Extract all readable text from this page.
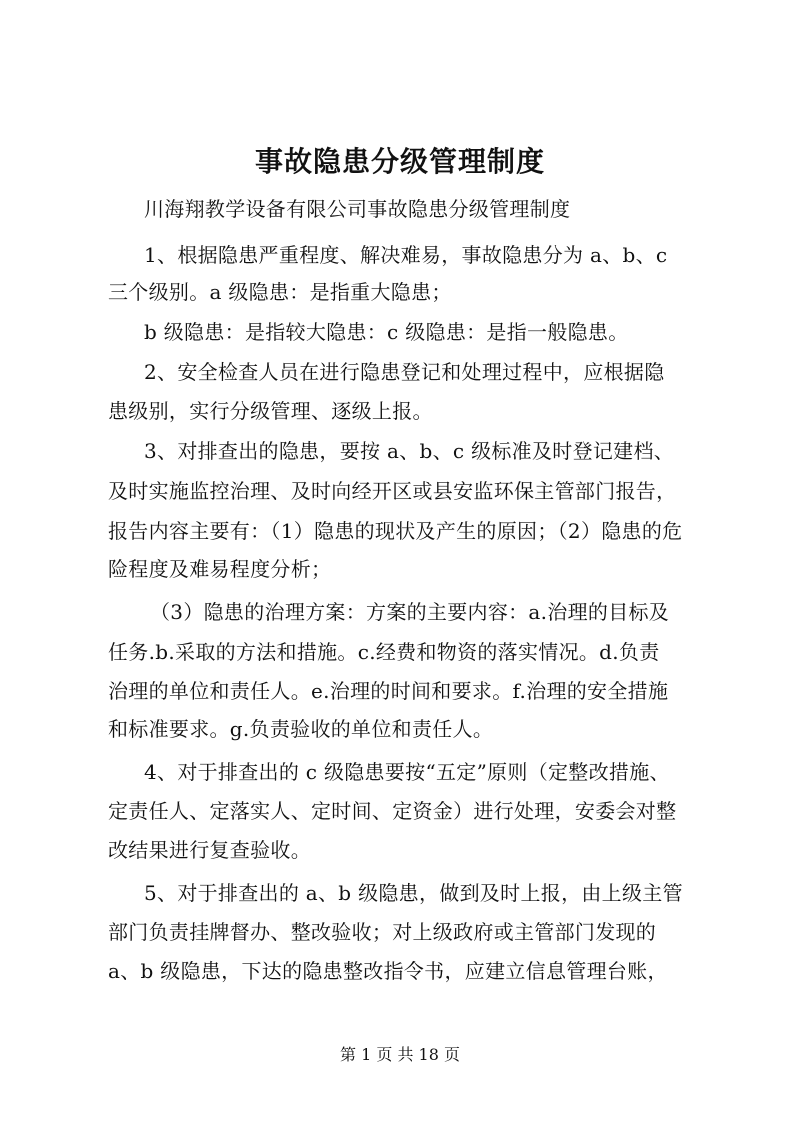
事故隐患分级管理制度
川海翔教学设备有限公司事故隐患分级管理制度
1、根据隐患严重程度、解决难易，事故隐患分为 a、b、c
三个级别。a 级隐患：是指重大隐患；
b 级隐患：是指较大隐患：c 级隐患：是指一般隐患。
2、安全检查人员在进行隐患登记和处理过程中，应根据隐
患级别，实行分级管理、逐级上报。
3、对排查出的隐患，要按 a、b、c 级标准及时登记建档、
及时实施监控治理、及时向经开区或县安监环保主管部门报告，
报告内容主要有：（1）隐患的现状及产生的原因；（2）隐患的危
险程度及难易程度分析；
（3）隐患的治理方案：方案的主要内容：a.治理的目标及
任务.b.采取的方法和措施。c.经费和物资的落实情况。d.负责
治理的单位和责任人。e.治理的时间和要求。f.治理的安全措施
和标准要求。g.负责验收的单位和责任人。
4、对于排查出的 c 级隐患要按“五定”原则（定整改措施、
定责任人、定落实人、定时间、定资金）进行处理，安委会对整
改结果进行复查验收。
5、对于排查出的 a、b 级隐患，做到及时上报，由上级主管
部门负责挂牌督办、整改验收；对上级政府或主管部门发现的
a、b 级隐患，下达的隐患整改指令书，应建立信息管理台账，
第 1 页 共 18 页
